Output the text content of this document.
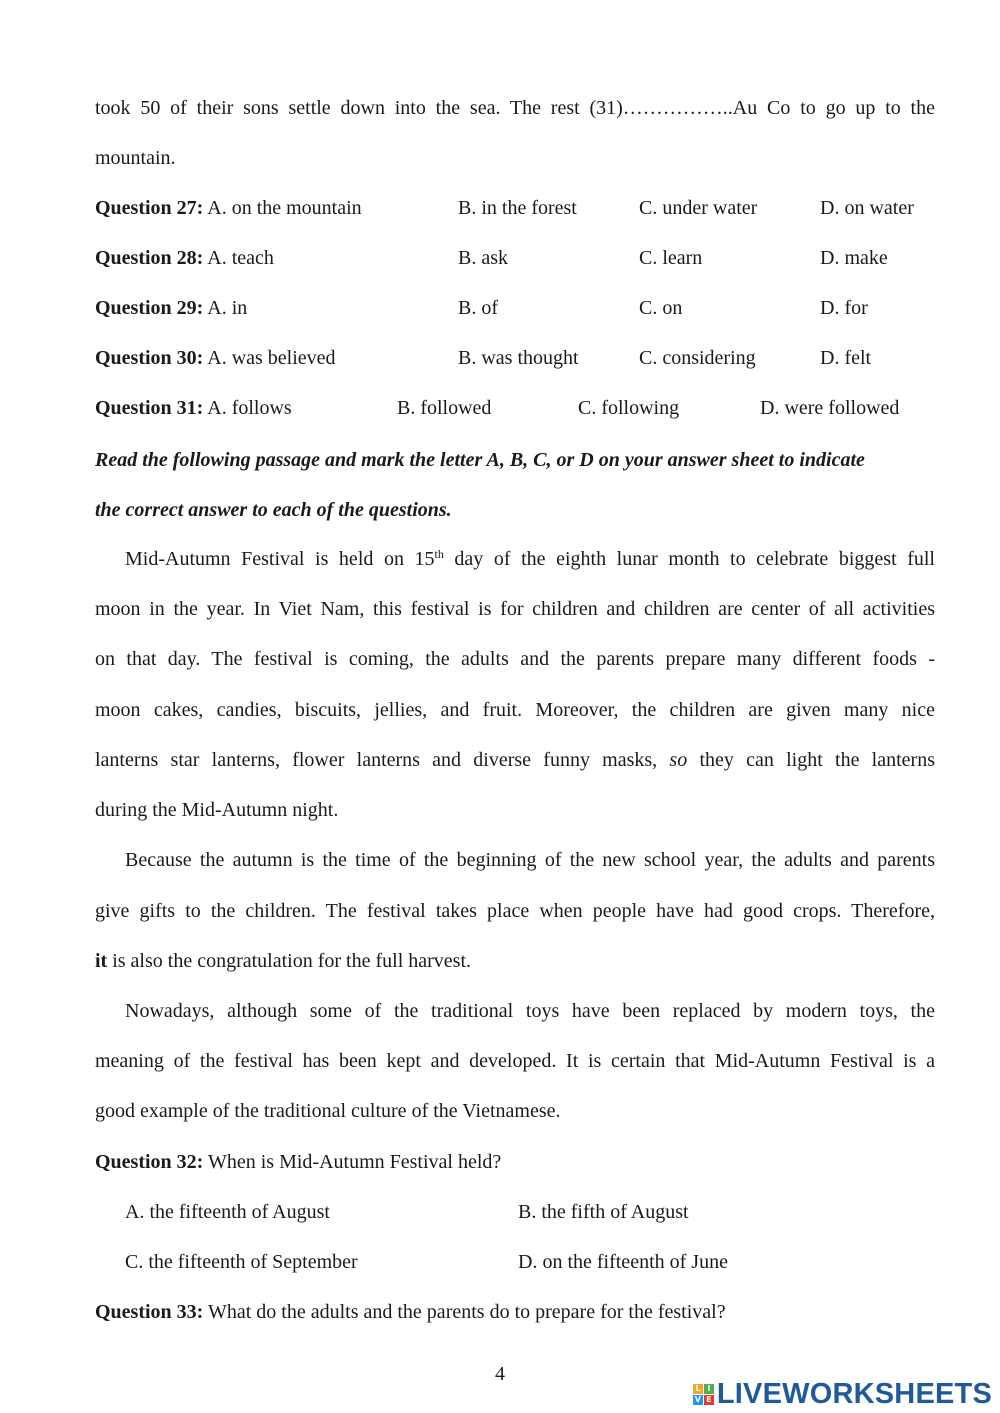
took 50 of their sons settle down into the sea. The rest (31)……………..Au Co to go up to the
mountain.
Question 27: A. on the mountain	B. in the forest	C. under water	D. on water
Question 28: A. teach	B. ask	C. learn	D. make
Question 29: A. in	B. of	C. on	D. for
Question 30: A. was believed	B. was thought	C. considering	D. felt
Question 31: A. follows	B. followed	C. following	D. were followed
Read the following passage and mark the letter A, B, C, or D on your answer sheet to indicate
the correct answer to each of the questions.
Mid-Autumn Festival is held on 15th day of the eighth lunar month to celebrate biggest full
moon in the year. In Viet Nam, this festival is for children and children are center of all activities
on that day. The festival is coming, the adults and the parents prepare many different foods -
moon cakes, candies, biscuits, jellies, and fruit. Moreover, the children are given many nice
lanterns star lanterns, flower lanterns and diverse funny masks, so they can light the lanterns
during the Mid-Autumn night.
Because the autumn is the time of the beginning of the new school year, the adults and parents
give gifts to the children. The festival takes place when people have had good crops. Therefore,
it is also the congratulation for the full harvest.
Nowadays, although some of the traditional toys have been replaced by modern toys, the
meaning of the festival has been kept and developed. It is certain that Mid-Autumn Festival is a
good example of the traditional culture of the Vietnamese.
Question 32: When is Mid-Autumn Festival held?
A. the fifteenth of August	B. the fifth of August
C. the fifteenth of September	D. on the fifteenth of June
Question 33: What do the adults and the parents do to prepare for the festival?
4
L I
V E LIVEWORKSHEETS
